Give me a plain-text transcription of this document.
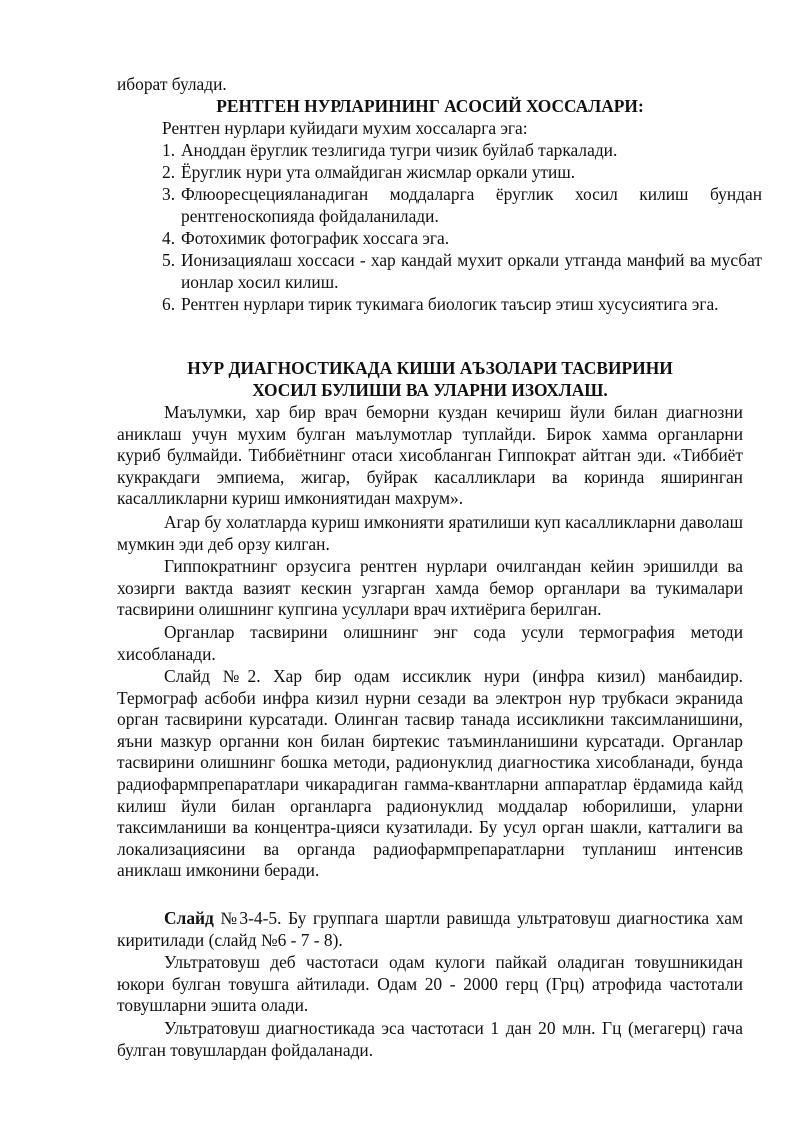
иборат булади.

РЕНТГЕН НУРЛАРИНИНГ АСОСИЙ ХОССАЛАРИ:

Рентген нурлари куйидаги мухим хоссаларга эга:

1. Аноддан ёруглик тезлигида тугри чизик буйлаб таркалади.
2. Ёруглик нури ута олмайдиган жисмлар оркали утиш.
3. Флюоресцецияланадиган моддаларга ёруглик хосил килиш бундан рентгеноскопияда фойдаланилади.
4. Фотохимик фотографик хоссага эга.
5. Ионизациялаш хоссаси - хар кандай мухит оркали утганда манфий ва мусбат ионлар хосил килиш.
6. Рентген нурлари тирик тукимага биологик таъсир этиш хусусиятига эга.

НУР ДИАГНОСТИКАДА КИШИ АЪЗОЛАРИ ТАСВИРИНИ

ХОСИЛ БУЛИШИ ВА УЛАРНИ ИЗОХЛАШ.

Маълумки, хар бир врач беморни куздан кечириш йули билан диагнозни аниклаш учун мухим булган маълумотлар туплайди. Бирок хамма органларни куриб булмайди. Тиббиётнинг отаси хисобланган Гиппократ айтган эди. «Тиббиёт кукракдаги эмпиема, жигар, буйрак касалликлари ва коринда яширинган касалликларни куриш имкониятидан махрум».

Агар бу холатларда куриш имконияти яратилиши куп касалликларни даволаш мумкин эди деб орзу килган.

Гиппократнинг орзусига рентген нурлари очилгандан кейин эришилди ва хозирги вактда вазият кескин узгарган хамда бемор органлари ва тукималари тасвирини олишнинг купгина усуллари врач ихтиёрига берилган.

Органлар тасвирини олишнинг энг сода усули термография методи хисобланади.

Слайд №2. Хар бир одам иссиклик нури (инфра кизил) манбаидир. Термограф асбоби инфра кизил нурни сезади ва электрон нур трубкаси экранида орган тасвирини курсатади. Олинган тасвир танада иссикликни таксимланишини, яъни мазкур органни кон билан биртекис таъминланишини курсатади. Органлар тасвирини олишнинг бошка методи, радионуклид диагностика хисобланади, бунда радиофармпрепаратлари чикарадиган гамма-квантларни аппаратлар ёрдамида кайд килиш йули билан органларга радионуклид моддалар юборилиши, уларни таксимланиши ва концентра-цияси кузатилади. Бу усул орган шакли, катталиги ва локализациясини ва органда радиофармпрепаратларни тупланиш интенсив аниклаш имконини беради.

Слайд №3-4-5. Бу группага шартли равишда ультратовуш диагностика хам киритилади (слайд №6 - 7 - 8).

Ультратовуш деб частотаси одам кулоги пайкай оладиган товушникидан юкори булган товушга айтилади. Одам 20 - 2000 герц (Грц) атрофида частотали товушларни эшита олади.

Ультратовуш диагностикада эса частотаси 1 дан 20 млн. Гц (мегагерц) гача булган товушлардан фойдаланади.
